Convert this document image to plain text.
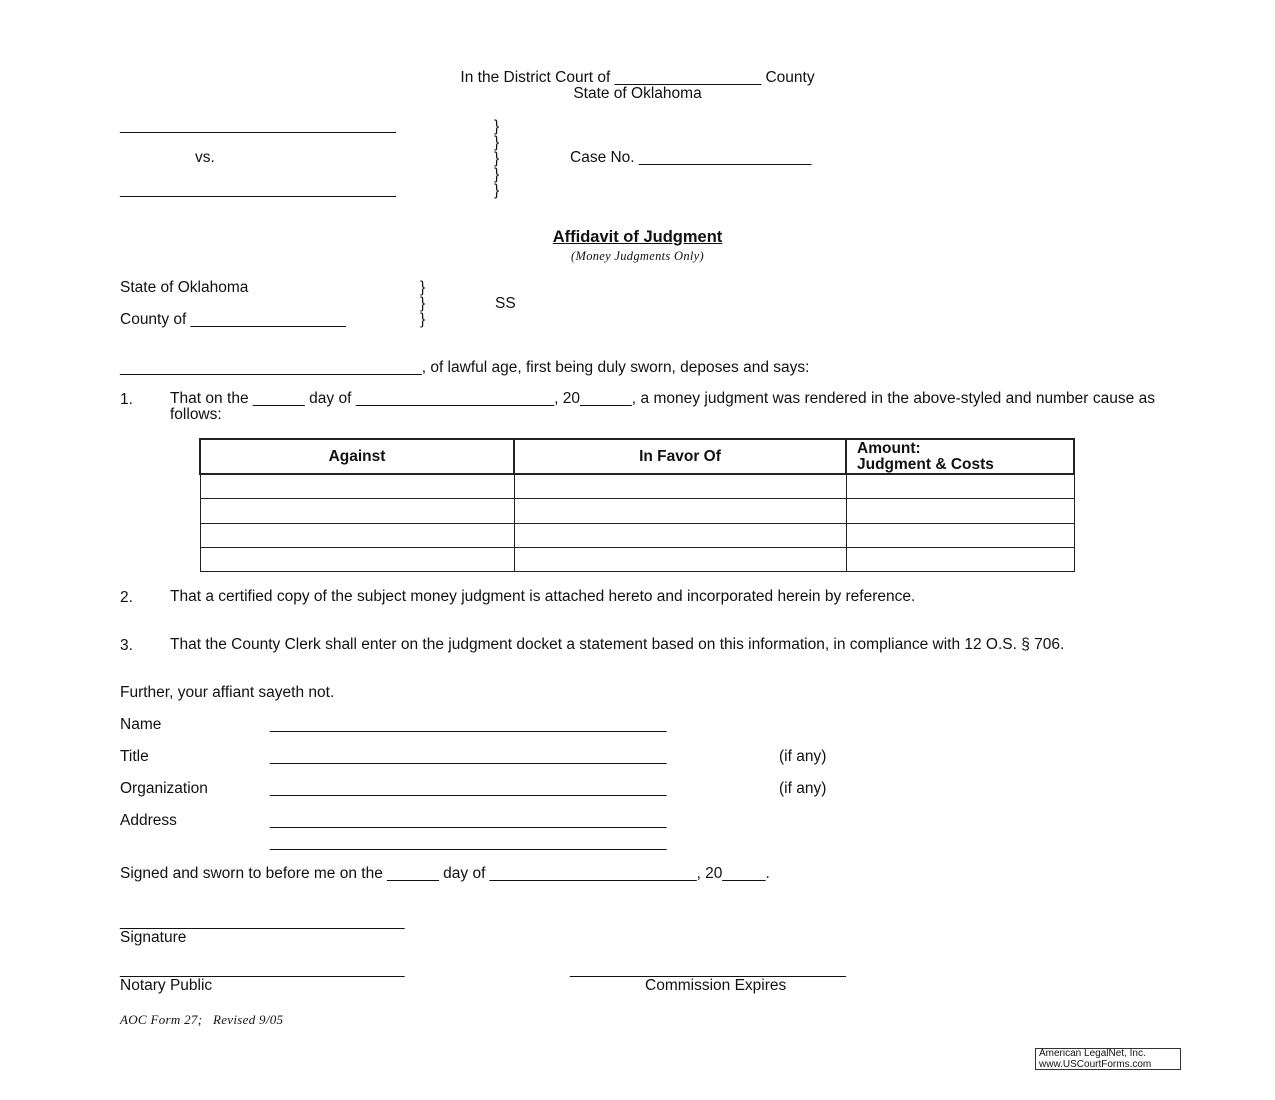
In the District Court of _________________ County
State of Oklahoma
________________________________
vs.
________________________________
}
}
}
}
}
Case No. ____________________
Affidavit of Judgment
(Money Judgments Only)
State of Oklahoma
County of __________________
}
}
}
SS
___________________________________, of lawful age, first being duly sworn, deposes and says:
1. That on the ______ day of _______________________, 20______, a money judgment was rendered in the above-styled and number cause as follows:
Against	In Favor Of	Amount:
Judgment & Costs

2. That a certified copy of the subject money judgment is attached hereto and incorporated herein by reference.
3. That the County Clerk shall enter on the judgment docket a statement based on this information, in compliance with 12 O.S. § 706.
Further, your affiant sayeth not.
Name	______________________________________________
Title	______________________________________________	(if any)
Organization	______________________________________________	(if any)
Address	______________________________________________
______________________________________________
Signed and sworn to before me on the ______ day of ________________________, 20_____.
_________________________________
Signature
_________________________________
Notary Public
________________________________
Commission Expires
AOC Form 27;   Revised 9/05
American LegalNet, Inc.
www.USCourtForms.com
